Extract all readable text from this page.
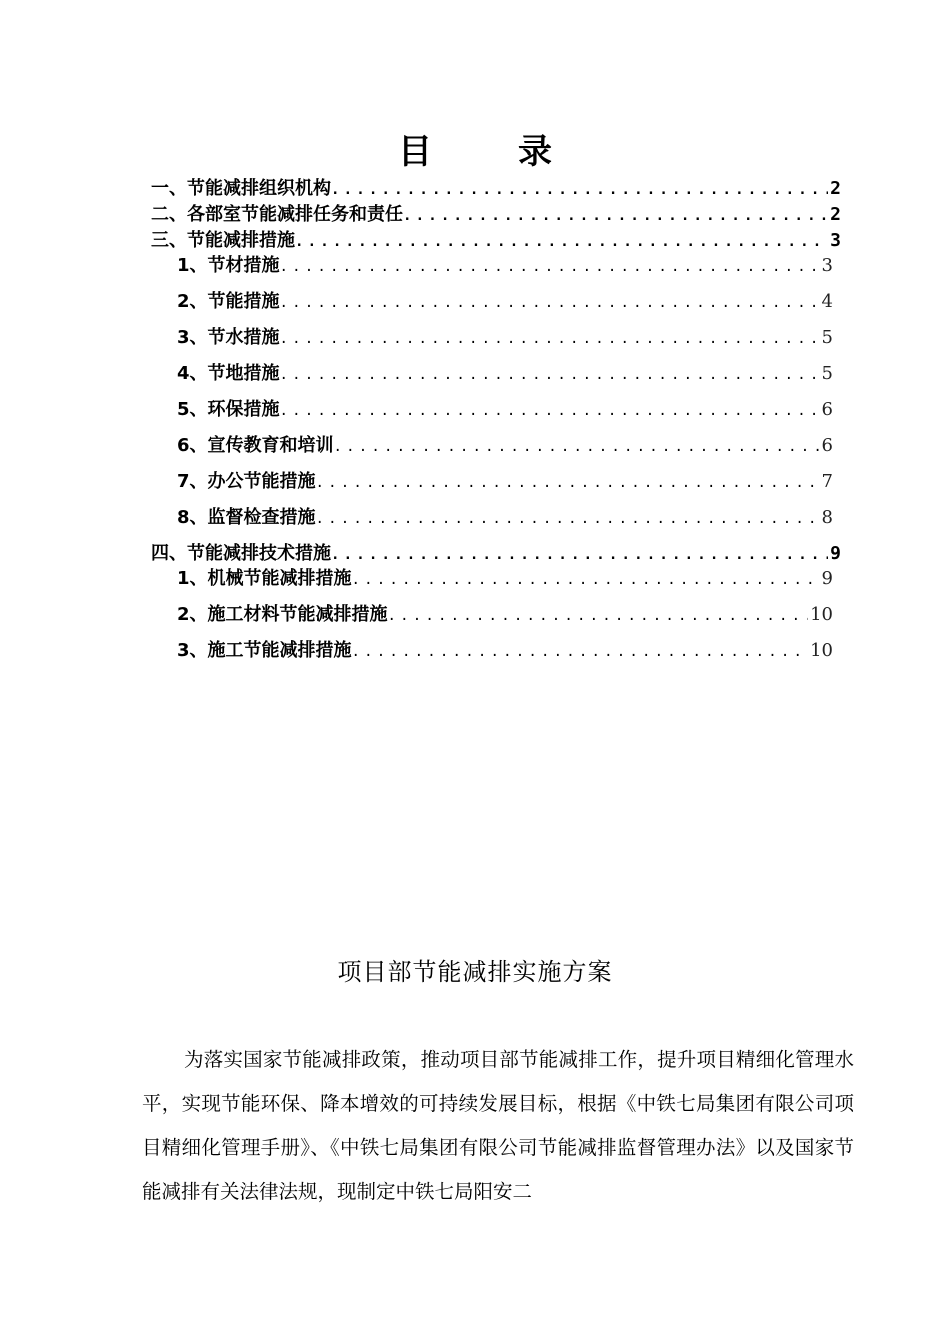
目　录
一、节能减排组织机构 .....	2
二、各部室节能减排任务和责任 .....	2
三、节能减排措施 .....	3
1、节材措施 .....	3
2、节能措施 .....	4
3、节水措施 .....	5
4、节地措施 .....	5
5、环保措施 .....	6
6、宣传教育和培训 .....	6
7、办公节能措施 .....	7
8、监督检查措施 .....	8
四、节能减排技术措施 .....	9
1、机械节能减排措施 .....	9
2、施工材料节能减排措施 .....	10
3、施工节能减排措施 .....	10
项目部节能减排实施方案
为落实国家节能减排政策，推动项目部节能减排工作，提升项目精细化管理水平，实现节能环保、降本增效的可持续发展目标，根据《中铁七局集团有限公司项目精细化管理手册》、《中铁七局集团有限公司节能减排监督管理办法》以及国家节能减排有关法律法规，现制定中铁七局阳安二
